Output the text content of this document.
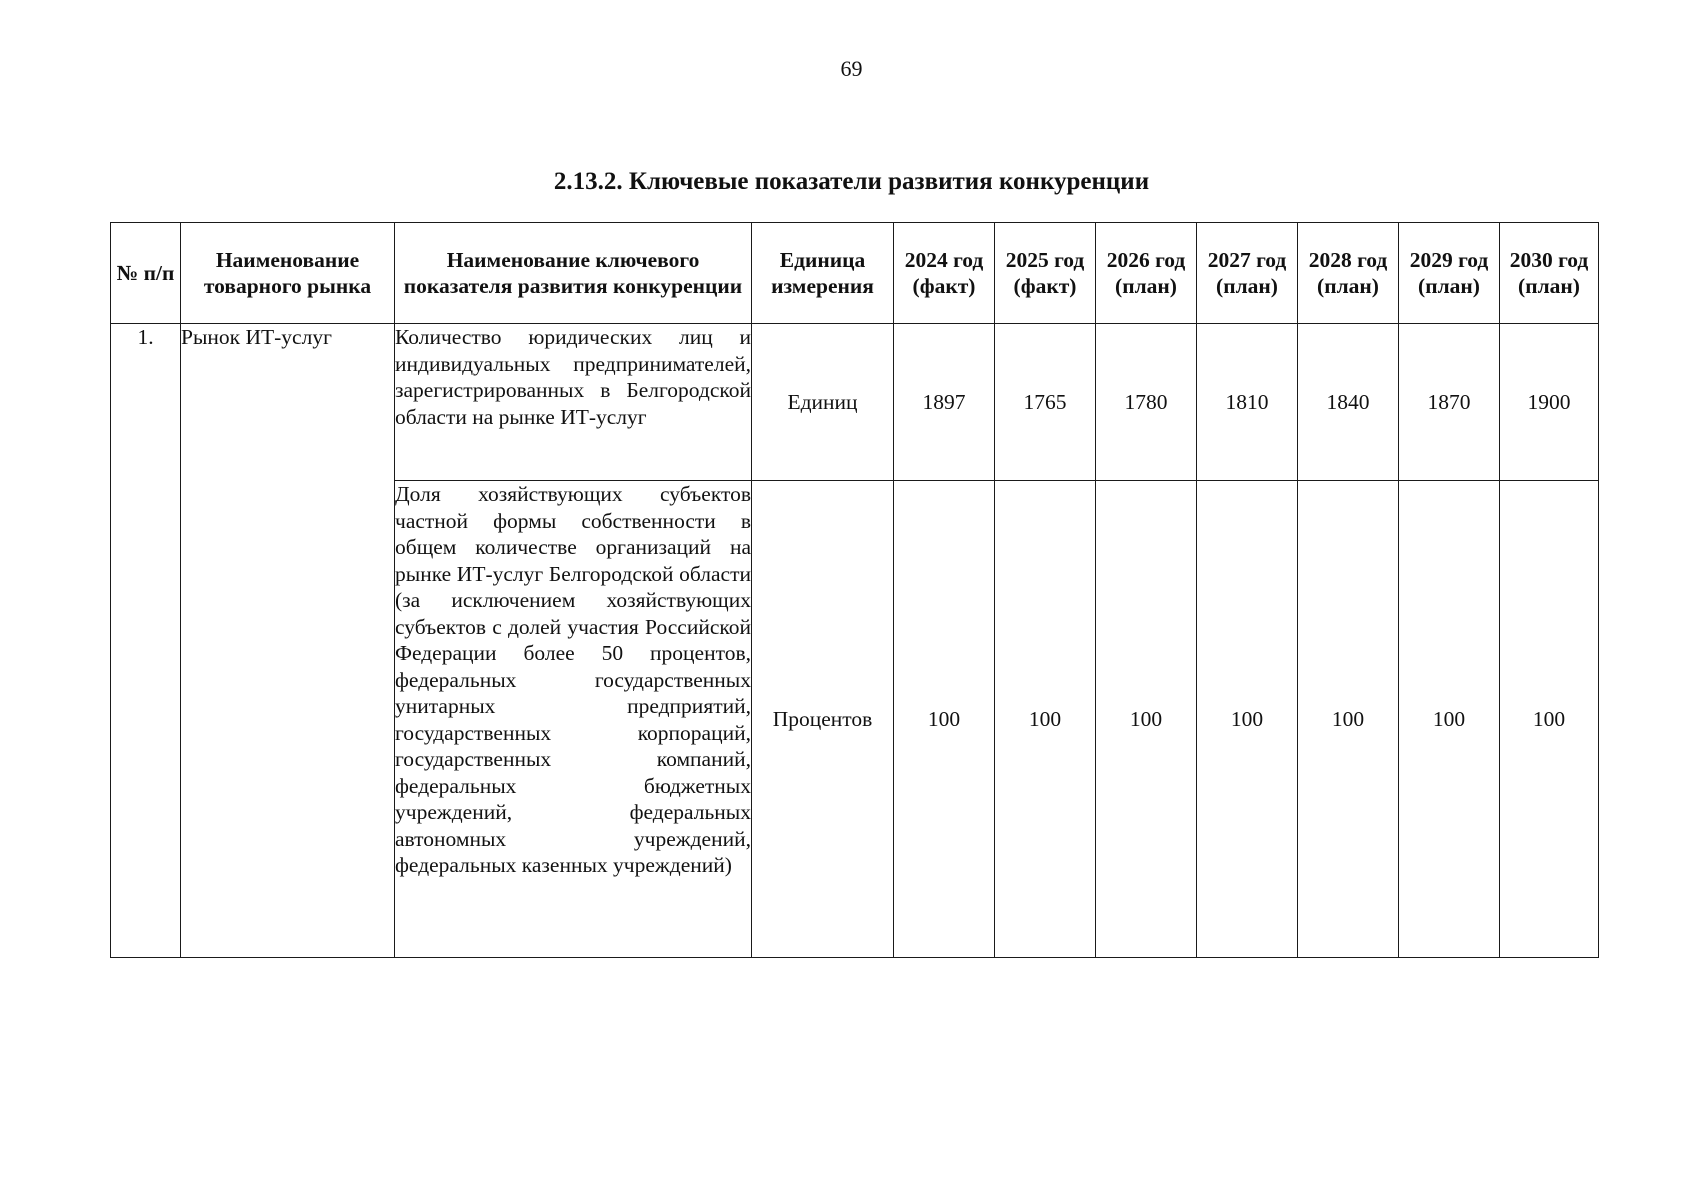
69
2.13.2. Ключевые показатели развития конкуренции
№ п/п	Наименование товарного рынка	Наименование ключевого показателя развития конкуренции	Единица измерения	2024 год (факт)	2025 год (факт)	2026 год (план)	2027 год (план)	2028 год (план)	2029 год (план)	2030 год (план)
1.	Рынок ИТ-услуг	Количество юридических лиц и индивидуальных предпринимателей, зарегистрированных в Белгородской области на рынке ИТ-услуг	Единиц	1897	1765	1780	1810	1840	1870	1900
		Доля хозяйствующих субъектов частной формы собственности в общем количестве организаций на рынке ИТ-услуг Белгородской области (за исключением хозяйствующих субъектов с долей участия Российской Федерации более 50 процентов, федеральных государственных унитарных предприятий, государственных корпораций, государственных компаний, федеральных бюджетных учреждений, федеральных автономных учреждений, федеральных казенных учреждений)	Процентов	100	100	100	100	100	100	100
